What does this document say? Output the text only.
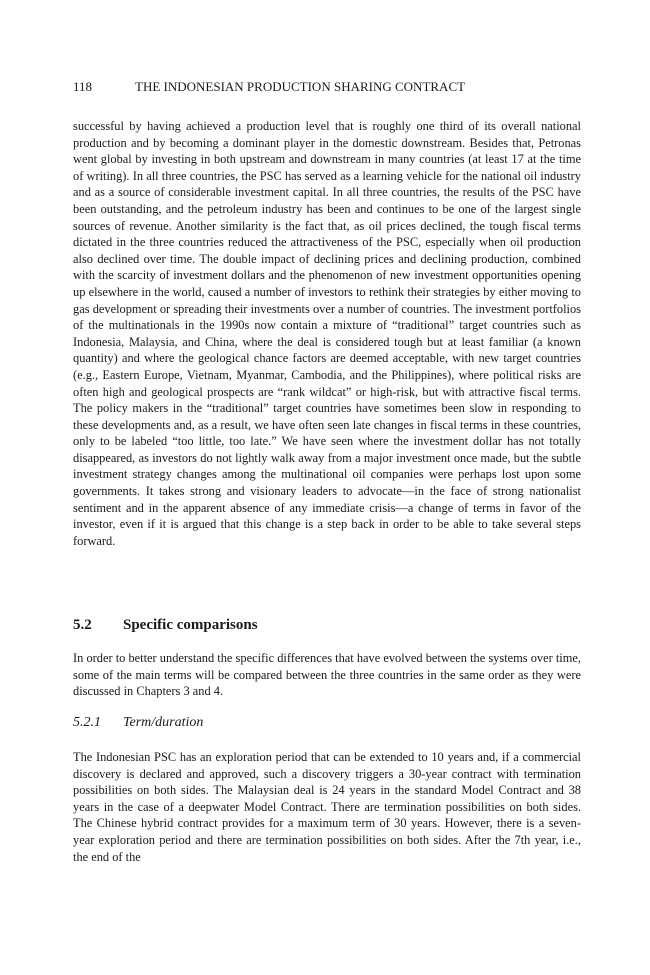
118	THE INDONESIAN PRODUCTION SHARING CONTRACT

successful by having achieved a production level that is roughly one third of its overall national production and by becoming a dominant player in the domestic downstream. Besides that, Petronas went global by investing in both upstream and downstream in many countries (at least 17 at the time of writing). In all three countries, the PSC has served as a learning vehicle for the national oil industry and as a source of considerable investment capital. In all three countries, the results of the PSC have been outstanding, and the petroleum industry has been and continues to be one of the largest single sources of revenue. Another similarity is the fact that, as oil prices declined, the tough fiscal terms dictated in the three countries reduced the attractiveness of the PSC, especially when oil production also declined over time. The double impact of declining prices and declining production, combined with the scarcity of investment dollars and the phenomenon of new investment opportunities opening up elsewhere in the world, caused a number of investors to rethink their strategies by either moving to gas development or spreading their investments over a number of countries. The investment portfolios of the multinationals in the 1990s now contain a mixture of “traditional” target countries such as Indonesia, Malaysia, and China, where the deal is considered tough but at least familiar (a known quantity) and where the geological chance factors are deemed acceptable, with new target countries (e.g., Eastern Europe, Vietnam, Myanmar, Cambodia, and the Philippines), where political risks are often high and geological prospects are “rank wildcat” or high-risk, but with attractive fiscal terms. The policy makers in the “traditional” target countries have sometimes been slow in responding to these developments and, as a result, we have often seen late changes in fiscal terms in these countries, only to be labeled “too little, too late.” We have seen where the investment dollar has not totally disappeared, as investors do not lightly walk away from a major investment once made, but the subtle investment strategy changes among the multinational oil companies were perhaps lost upon some governments. It takes strong and visionary leaders to advocate—in the face of strong nationalist sentiment and in the apparent absence of any immediate crisis—a change of terms in favor of the investor, even if it is argued that this change is a step back in order to be able to take several steps forward.

5.2 Specific comparisons

In order to better understand the specific differences that have evolved between the systems over time, some of the main terms will be compared between the three countries in the same order as they were discussed in Chapters 3 and 4.

5.2.1 Term/duration

The Indonesian PSC has an exploration period that can be extended to 10 years and, if a commercial discovery is declared and approved, such a discovery triggers a 30-year contract with termination possibilities on both sides. The Malaysian deal is 24 years in the standard Model Contract and 38 years in the case of a deepwater Model Contract. There are termination possibilities on both sides. The Chinese hybrid contract provides for a maximum term of 30 years. However, there is a seven-year exploration period and there are termination possibilities on both sides. After the 7th year, i.e., the end of the
